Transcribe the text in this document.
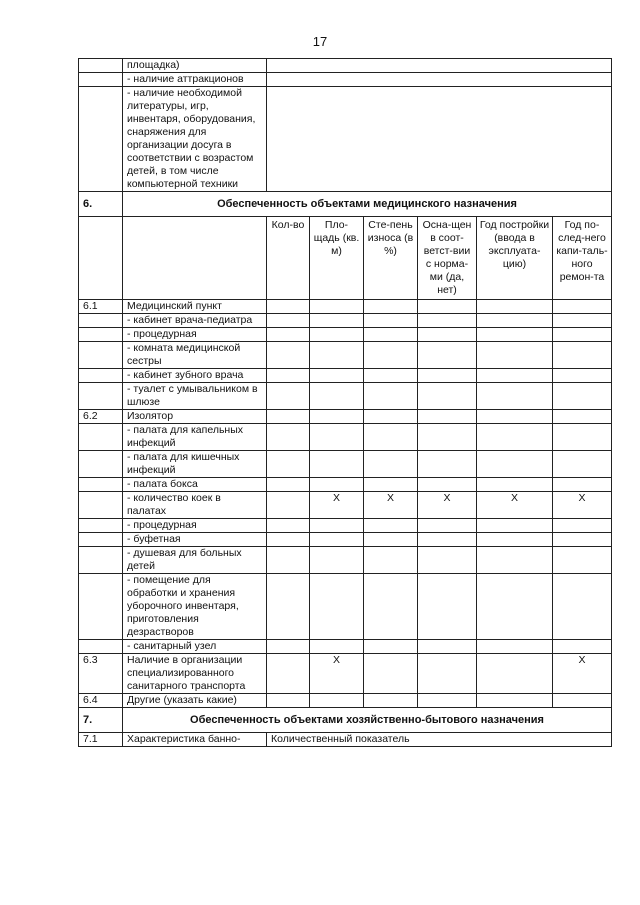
17
	площадка)						
	- наличие аттракционов						
	- наличие необходимой литературы, игр, инвентаря, оборудования, снаряжения для организации досуга в соответствии с возрастом детей, в том числе компьютерной техники						
6.	Обеспеченность объектами медицинского назначения						
		Кол-во	Пло-щадь (кв. м)	Сте-пень износа (в %)	Осна-щен в соот-ветст-вии с норма-ми (да, нет)	Год постройки (ввода в эксплуата-цию)	Год по-след-него капи-таль-ного ремон-та
6.1	Медицинский пункт						
	- кабинет врача-педиатра						
	- процедурная						
	- комната медицинской сестры						
	- кабинет зубного врача						
	- туалет с умывальником в шлюзе						
6.2	Изолятор						
	- палата для капельных инфекций						
	- палата для кишечных инфекций						
	- палата бокса						
	- количество коек в палатах		Х	Х	Х	Х	Х
	- процедурная						
	- буфетная						
	- душевая для больных детей						
	- помещение для обработки и хранения уборочного инвентаря, приготовления дезрастворов						
	- санитарный узел						
6.3	Наличие в организации специализированного санитарного транспорта		Х				Х
6.4	Другие (указать какие)						
7.	Обеспеченность объектами хозяйственно-бытового назначения						
7.1	Характеристика банно-	Количественный показатель					
